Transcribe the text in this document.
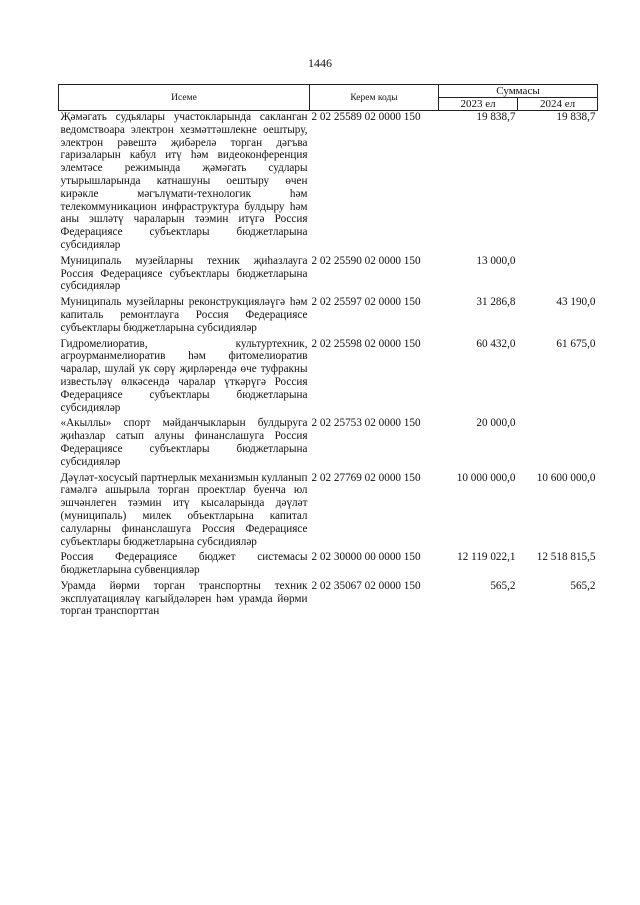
1446
Исеме	Керем коды	Суммасы	
		2023 ел	2024 ел
Җәмәгать судьялары участокларында сакланган ведомствоара электрон хезмәттәшлекне оештыру, электрон рәвештә җибәрелә торган дәгъва гаризаларын кабул итү һәм видеоконференция элемтәсе режимында җәмәгать судлары утырышларында катнашуны оештыру өчен кирәкле мәгълүмати-технологик һәм телекоммуникацион инфраструктура булдыру һәм аны эшләтү чараларын тәэмин итүгә Россия Федерациясе субъектлары бюджетларына субсидияләр	2 02 25589 02 0000 150	19 838,7	19 838,7
Муниципаль музейларны техник җиһазлауга Россия Федерациясе субъектлары бюджетларына субсидияләр	2 02 25590 02 0000 150	13 000,0	
Муниципаль музейларны реконструкцияләүгә һәм капиталь ремонтлауга Россия Федерациясе субъектлары бюджетларына субсидияләр	2 02 25597 02 0000 150	31 286,8	43 190,0
Гидромелиоратив, культуртехник, агроурманмелиоратив һәм фитомелиоратив чаралар, шулай ук сөрү җирләрендә өче туфракны известьләү өлкәсендә чаралар үткәрүгә Россия Федерациясе субъектлары бюджетларына субсидияләр	2 02 25598 02 0000 150	60 432,0	61 675,0
«Акыллы» спорт мәйданчыкларын булдыруга җиһазлар сатып алуны финанслашуга Россия Федерациясе субъектлары бюджетларына субсидияләр	2 02 25753 02 0000 150	20 000,0	
Дәүләт-хосусый партнерлык механизмын кулланып гамәлгә ашырыла торган проектлар буенча юл эшчәнлеген тәэмин итү кысаларында дәүләт (муниципаль) милек объектларына капитал салуларны финанслашуга Россия Федерациясе субъектлары бюджетларына субсидияләр	2 02 27769 02 0000 150	10 000 000,0	10 600 000,0
Россия Федерациясе бюджет системасы бюджетларына субвенцияләр	2 02 30000 00 0000 150	12 119 022,1	12 518 815,5
Урамда йөрми торган транспортны техник эксплуатацияләү кагыйдәләрен һәм урамда йөрми торган транспорттан	2 02 35067 02 0000 150	565,2	565,2
